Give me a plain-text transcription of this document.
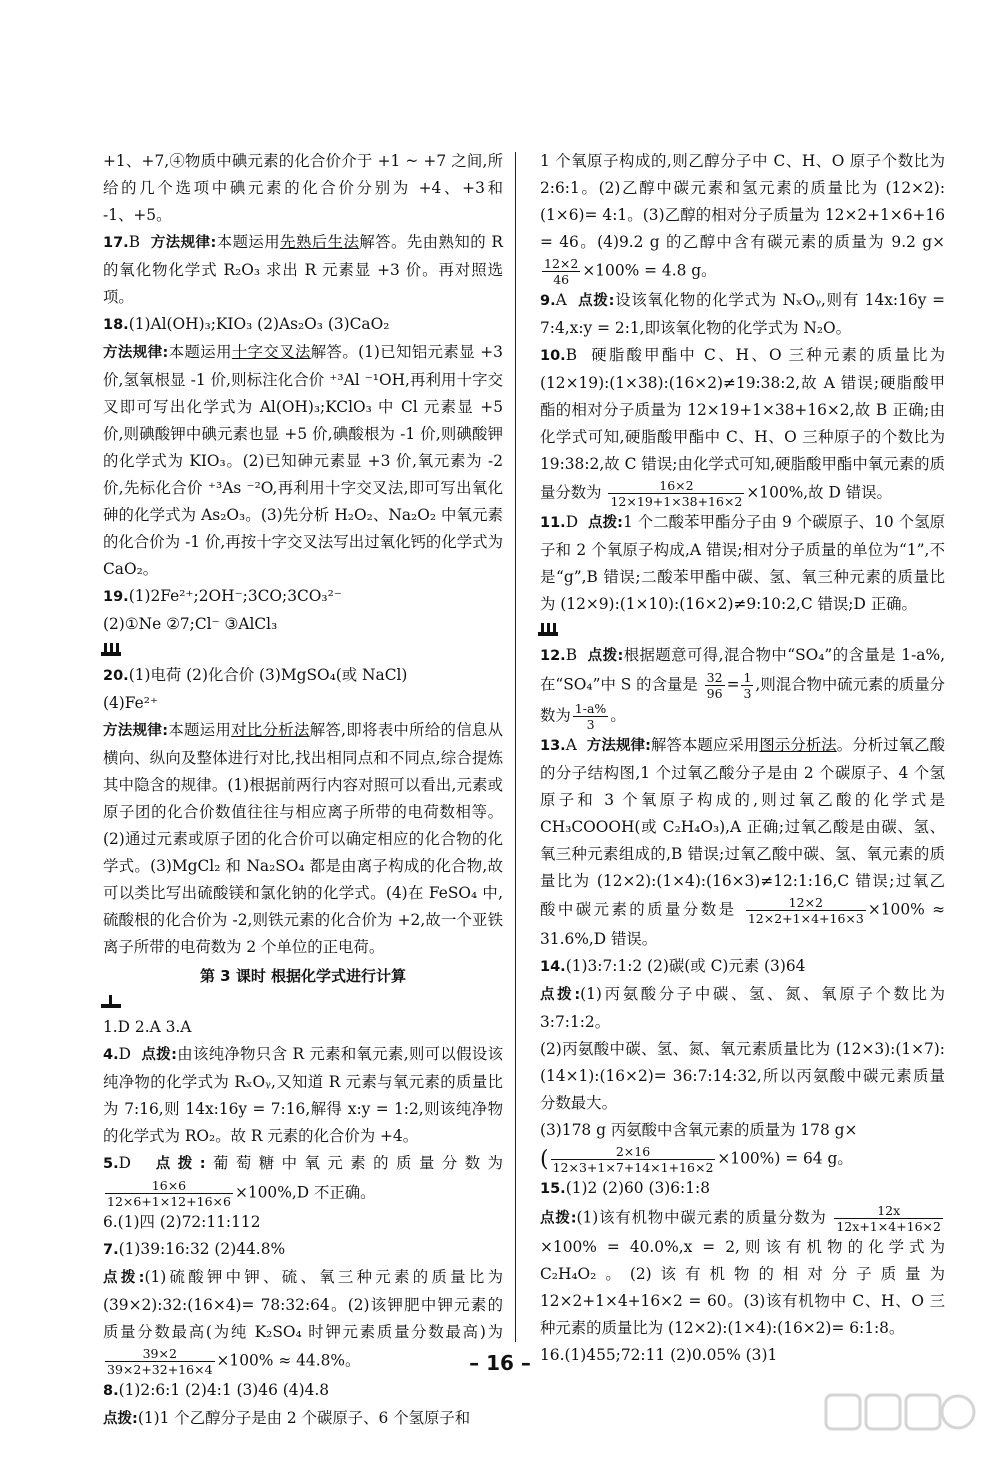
+1、+7,④物质中碘元素的化合价介于 +1 ~ +7 之间,所给的几个选项中碘元素的化合价分别为 +4、+3和 -1、+5。

17.B 方法规律:本题运用先熟后生法解答。先由熟知的 R 的氧化物化学式 R₂O₃ 求出 R 元素显 +3 价。再对照选项。

18.(1)Al(OH)₃;KIO₃ (2)As₂O₃ (3)CaO₂
方法规律:本题运用十字交叉法解答。(1)已知铝元素显 +3 价,氢氧根显 -1 价,则标注化合价 ⁺³Al ⁻¹OH,再利用十字交叉即可写出化学式为 Al(OH)₃;KClO₃ 中 Cl 元素显 +5 价,则碘酸钾中碘元素也显 +5 价,碘酸根为 -1 价,则碘酸钾的化学式为 KIO₃。(2)已知砷元素显 +3 价,氧元素为 -2 价,先标化合价 ⁺³As ⁻²O,再利用十字交叉法,即可写出氧化砷的化学式为 As₂O₃。(3)先分析 H₂O₂、Na₂O₂ 中氧元素的化合价为 -1 价,再按十字交叉法写出过氧化钙的化学式为 CaO₂。

19.(1)2Fe²⁺;2OH⁻;3CO;3CO₃²⁻
(2)①Ne ②7;Cl⁻ ③AlCl₃

20.(1)电荷 (2)化合价 (3)MgSO₄(或 NaCl)
(4)Fe²⁺
方法规律:本题运用对比分析法解答,即将表中所给的信息从横向、纵向及整体进行对比,找出相同点和不同点,综合提炼其中隐含的规律。(1)根据前两行内容对照可以看出,元素或原子团的化合价数值往往与相应离子所带的电荷数相等。(2)通过元素或原子团的化合价可以确定相应的化合物的化学式。(3)MgCl₂ 和 Na₂SO₄ 都是由离子构成的化合物,故可以类比写出硫酸镁和氯化钠的化学式。(4)在 FeSO₄ 中,硫酸根的化合价为 -2,则铁元素的化合价为 +2,故一个亚铁离子所带的电荷数为 2 个单位的正电荷。

第 3 课时 根据化学式进行计算

1.D 2.A 3.A

4.D 点拨:由该纯净物只含 R 元素和氧元素,则可以假设该纯净物的化学式为 RₓOᵧ,又知道 R 元素与氧元素的质量比为 7:16,则 14x:16y = 7:16,解得 x:y = 1:2,则该纯净物的化学式为 RO₂。故 R 元素的化合价为 +4。

5.D 点拨:葡萄糖中氧元素的质量分数为
$\frac{16\times 6}{12\times 6+1\times 12+16\times 6} \times 100\%,D$ 不正确。

6.(1)四 (2)72:11:112

7.(1)39:16:32 (2)44.8%
点拨:(1)硫酸钾中钾、硫、氧三种元素的质量比为 (39×2):32:(16×4)= 78:32:64。(2)该钾肥中钾元素的质量分数最高(为纯 K₂SO₄ 时钾元素质量分数最高)为
$\frac{39\times 2}{39\times 2+32+16\times 4} \times 100\% \approx 44.8\%$。

8.(1)2:6:1 (2)4:1 (3)46 (4)4.8
点拨:(1)1 个乙醇分子是由 2 个碳原子、6 个氢原子和

1 个氧原子构成的,则乙醇分子中 C、H、O 原子个数比为 2:6:1。(2)乙醇中碳元素和氢元素的质量比为 (12×2):(1×6)= 4:1。(3)乙醇的相对分子质量为 12×2+1×6+16 = 46。(4)9.2 g 的乙醇中含有碳元素的质量为 9.2 g×
$\frac{12\times 2}{46} \times 100\% = 4.8$ g。

9.A 点拨:设该氧化物的化学式为 NₓOᵧ,则有 14x:16y = 7:4,x:y = 2:1,即该氧化物的化学式为 N₂O。

10.B 硬脂酸甲酯中 C、H、O 三种元素的质量比为 (12×19):(1×38):(16×2)≠19:38:2,故 A 错误;硬脂酸甲酯的相对分子质量为 12×19+1×38+16×2,故 B 正确;由化学式可知,硬脂酸甲酯中 C、H、O 三种原子的个数比为 19:38:2,故 C 错误;由化学式可知,硬脂酸甲酯中氧元素的质量分数为 $\frac{16\times 2}{12\times 19+1\times 38+16\times 2} \times 100\%$,故 D 错误。

11.D 点拨:1 个二酸苯甲酯分子由 9 个碳原子、10 个氢原子和 2 个氧原子构成,A 错误;相对分子质量的单位为“1”,不是“g”,B 错误;二酸苯甲酯中碳、氢、氧三种元素的质量比为 (12×9):(1×10):(16×2)≠9:10:2,C 错误;D 正确。

12.B 点拨:根据题意可得,混合物中“SO₄”的含量是 1-a%,在“SO₄”中 S 的含量是 $\frac{32}{96} = \frac{1}{3}$ ,则混合物中硫元素的质量分数为 $\frac{1-a\%}{3}$ 。

13.A 方法规律:解答本题应采用图示分析法。分析过氧乙酸的分子结构图,1 个过氧乙酸分子是由 2 个碳原子、4 个氢原子和 3 个氧原子构成的,则过氧乙酸的化学式是 CH₃COOOH(或 C₂H₄O₃),A 正确;过氧乙酸是由碳、氢、氧三种元素组成的,B 错误;过氧乙酸中碳、氢、氧元素的质量比为 (12×2):(1×4):(16×3)≠12:1:16,C 错误;过氧乙酸中碳元素的质量分数是 $\frac{12\times 2}{12\times 2+1\times 4+16\times 3} \times 100\% \approx 31.6\%,D$ 错误。

14.(1)3:7:1:2 (2)碳(或 C)元素 (3)64
点拨:(1)丙氨酸分子中碳、氢、氮、氧原子个数比为 3:7:1:2。
(2)丙氨酸中碳、氢、氮、氧元素质量比为 (12×3):(1×7):(14×1):(16×2)= 36:7:14:32,所以丙氨酸中碳元素质量分数最大。
(3)178 g 丙氨酸中含氧元素的质量为 178 g×
( $\frac{2\times 16}{12\times 3+1\times 7+14\times 1+16\times 2} \times 100\%) = 64$ g。

15.(1)2 (2)60 (3)6:1:8
点拨:(1)该有机物中碳元素的质量分数为 $\frac{12x}{12x+1\times 4+16\times 2}$
×100% = 40.0%,x = 2,则该有机物的化学式为 C₂H₄O₂。(2)该有机物的相对分子质量为 12×2+1×4+16×2 = 60。(3)该有机物中 C、H、O 三种元素的质量比为 (12×2):(1×4):(16×2)= 6:1:8。

16.(1)455;72:11 (2)0.05% (3)1

– 16 –
